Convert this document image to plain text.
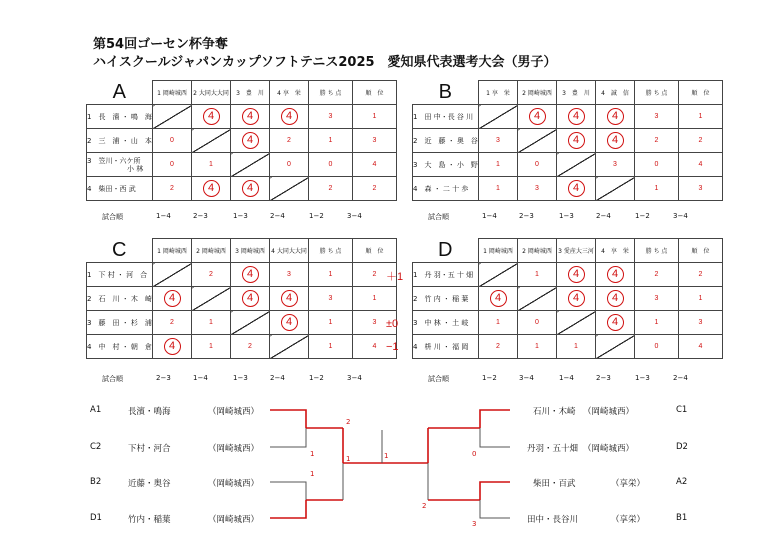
第54回ゴーセン杯争奪
ハイスクールジャパンカップソフトテニス2025　愛知県代表選考大会（男子）
A	1 岡崎城西	2 大同大大同	3　豊　川	4 享　栄	勝 ち 点	順　位
1　 長　濱 ・ 鳴　海		4	4	4	3	1
2　 三　浦 ・ 山　本	0		4	2	1	3
3　 笠川・六ケ所
小 林	0	1		0	0	4
4　 柴田・西 武	2	4	4		2	2
試合順	1−4	2−3	1−3	2−4	1−2	3−4
B	1 享　栄	2 岡崎城西	3　豊　川	4　誠　信	勝 ち 点	順　位
1　 田 中・長 谷 川		4	4	4	3	1
2　 近　藤 ・ 奥　谷	3		4	4	2	2
3　 大　島 ・ 小　野	1	0		3	0	4
4　 森 ・ 二 十 歩	1	3	4		1	3
試合順	1−4	2−3	1−3	2−4	1−2	3−4
C	1 岡崎城西	2 岡崎城西	3 岡崎城西	4 大同大大同	勝 ち 点	順　位
1　 下 村 ・ 河　合		2	4	3	1	2
2　 石　川 ・ 木　崎	4		4	4	3	1
3　 藤　田 ・ 杉　浦	2	1		4	1	3
4　 中　村 ・ 朝　倉	4	1	2		1	4
＋1
±0
−1
試合順	2−3	1−4	1−3	2−4	1−2	3−4
D	1 岡崎城西	2 岡崎城西	3 愛産大三河	4　享　栄	勝 ち 点	順　位
1　 丹 羽・五 十 畑		1	4	4	2	2
2　 竹 内 ・ 稲 葉	4		4	4	3	1
3　 中 林 ・ 土 岐	1	0		4	1	3
4　 枡 川 ・ 福 岡	2	1	1		0	4
試合順	1−2	3−4	1−4	2−3	1−3	2−4
2
1
1
1
1	0
2
3
A1	長濱・鳴海	（岡崎城西）
C2	下村・河合	（岡崎城西）
B2	近藤・奥谷	（岡崎城西）
D1	竹内・稲葉	（岡崎城西）
石川・木崎 （岡崎城西）	C1
丹羽・五十畑 （岡崎城西）	D2
柴田・百武	（享栄）	A2
田中・長谷川	（享栄）	B1
